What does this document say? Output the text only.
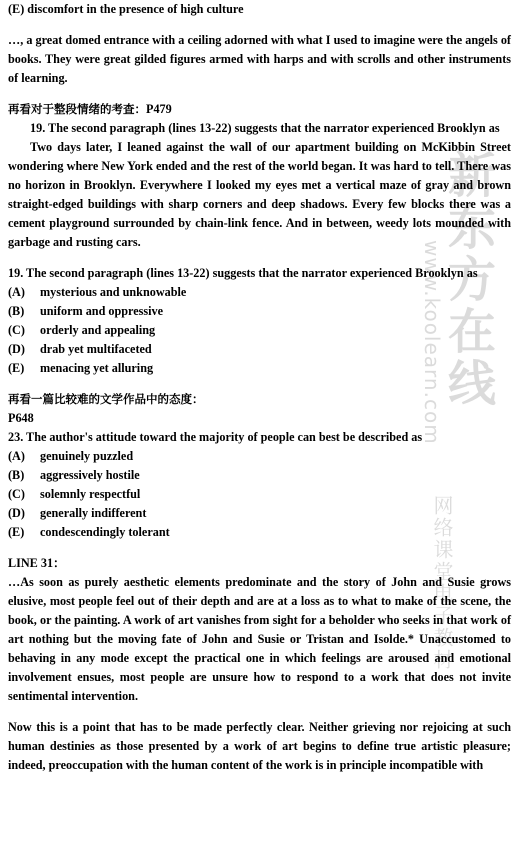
新
东
方
在
线
www.koolearn.com
网络课堂电子教材

(E) discomfort in the presence of high culture

…, a great domed entrance with a ceiling adorned with what I used to imagine were the angels of books. They were great gilded figures armed with harps and with scrolls and other instruments of learning.

再看对于整段情绪的考查：P479

19. The second paragraph (lines 13-22) suggests that the narrator experienced Brooklyn as

Two days later, I leaned against the wall of our apartment building on McKibbin Street wondering where New York ended and the rest of the world began. It was hard to tell. There was no horizon in Brooklyn. Everywhere I looked my eyes met a vertical maze of gray and brown straight-edged buildings with sharp corners and deep shadows. Every few blocks there was a cement playground surrounded by chain-link fence. And in between, weedy lots mounded with garbage and rusting cars.

19. The second paragraph (lines 13-22) suggests that the narrator experienced Brooklyn as

(A)	mysterious and unknowable
(B)	uniform and oppressive
(C)	orderly and appealing
(D)	drab yet multifaceted
(E)	menacing yet alluring

再看一篇比较难的文学作品中的态度：

P648

23. The author's attitude toward the majority of people can best be described as

(A)	genuinely puzzled
(B)	aggressively hostile
(C)	solemnly respectful
(D)	generally indifferent
(E)	condescendingly tolerant

LINE 31：

…As soon as purely aesthetic elements predominate and the story of John and Susie grows elusive, most people feel out of their depth and are at a loss as to what to make of the scene, the book, or the painting. A work of art vanishes from sight for a beholder who seeks in that work of art nothing but the moving fate of John and Susie or Tristan and Isolde.* Unaccustomed to behaving in any mode except the practical one in which feelings are aroused and emotional involvement ensues, most people are unsure how to respond to a work that does not invite sentimental intervention.

Now this is a point that has to be made perfectly clear. Neither grieving nor rejoicing at such human destinies as those presented by a work of art begins to define true artistic pleasure; indeed, preoccupation with the human content of the work is in principle incompatible with
